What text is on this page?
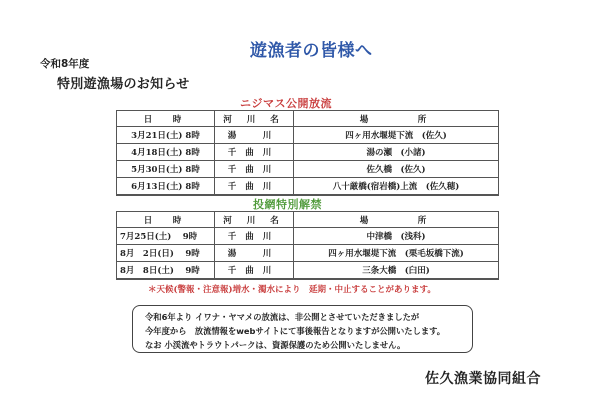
遊漁者の皆様へ
令和8年度
特別遊漁場のお知らせ
ニジマス公開放流
日　時	河 川 名	場　　　所
3月21日(土) 8時	湯　川	四ヶ用水堰堤下流　(佐久)
4月18日(土) 8時	千曲川	湯の瀬　(小諸)
5月30日(土) 8時	千曲川	佐久橋　(佐久)
6月13日(土) 8時	千曲川	八十厳橋(宿岩橋)上流　(佐久穂)
投網特別解禁
日　時	河 川 名	場　　　所
7月25日(土)　 9時	千曲川	中津橋　(浅科)
8月　2日(日)　 9時	湯　川	四ヶ用水堰堤下流　(栗毛坂橋下流)
8月　8日(土)　 9時	千曲川	三条大橋　(臼田)
＊天候(警報・注意報)増水・濁水により　延期・中止することがあります。

令和6年より イワナ・ヤマメの放流は、非公開とさせていただきましたが

今年度から　放流情報をwebサイトにて事後報告となりますが公開いたします。

なお 小渓流やトラウトパークは、資源保護のため公開いたしません。

佐久漁業協同組合
